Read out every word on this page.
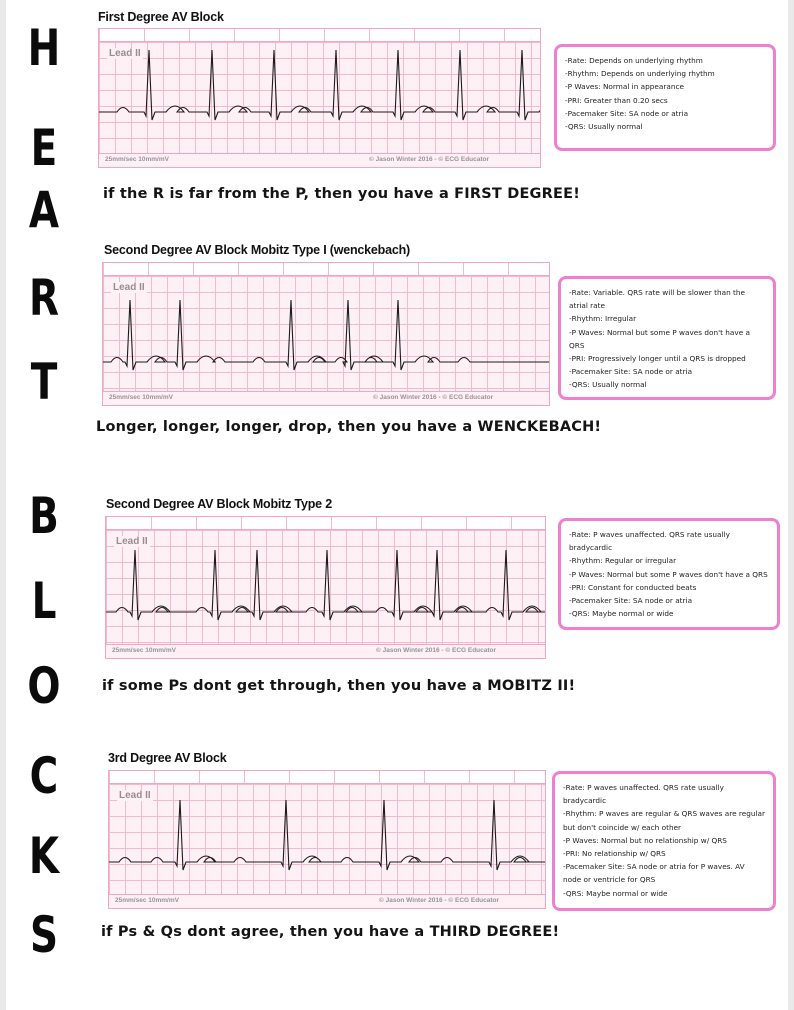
H
E
A
R
T
B
L
O
C
K
S
First Degree AV Block
Lead II
25mm/sec 10mm/mV	© Jason Winter 2016 - © ECG Educator
-Rate: Depends on underlying rhythm
-Rhythm: Depends on underlying rhythm
-P Waves: Normal in appearance
-PRI: Greater than 0.20 secs
-Pacemaker Site: SA node or atria
-QRS: Usually normal
if the R is far from the P, then you have a FIRST DEGREE!
Second Degree AV Block Mobitz Type I (wenckebach)
Lead II
25mm/sec 10mm/mV	© Jason Winter 2016 - © ECG Educator
-Rate: Variable. QRS rate will be slower than the atrial rate
-Rhythm: Irregular
-P Waves: Normal but some P waves don't have a QRS
-PRI: Progressively longer until a QRS is dropped
-Pacemaker Site: SA node or atria
-QRS: Usually normal
Longer, longer, longer, drop, then you have a WENCKEBACH!
Second Degree AV Block Mobitz Type 2
Lead II
25mm/sec 10mm/mV	© Jason Winter 2016 - © ECG Educator
-Rate: P waves unaffected. QRS rate usually bradycardic
-Rhythm: Regular or irregular
-P Waves: Normal but some P waves don't have a QRS
-PRI: Constant for conducted beats
-Pacemaker Site: SA node or atria
-QRS: Maybe normal or wide
if some Ps dont get through, then you have a MOBITZ II!
3rd Degree AV Block
Lead II
25mm/sec 10mm/mV	© Jason Winter 2016 - © ECG Educator
-Rate: P waves unaffected. QRS rate usually bradycardic
-Rhythm: P waves are regular & QRS waves are regular but don't coincide w/ each other
-P Waves: Normal but no relationship w/ QRS
-PRI: No relationship w/ QRS
-Pacemaker Site: SA node or atria for P waves. AV node or ventricle for QRS
-QRS: Maybe normal or wide
if Ps & Qs dont agree, then you have a THIRD DEGREE!
